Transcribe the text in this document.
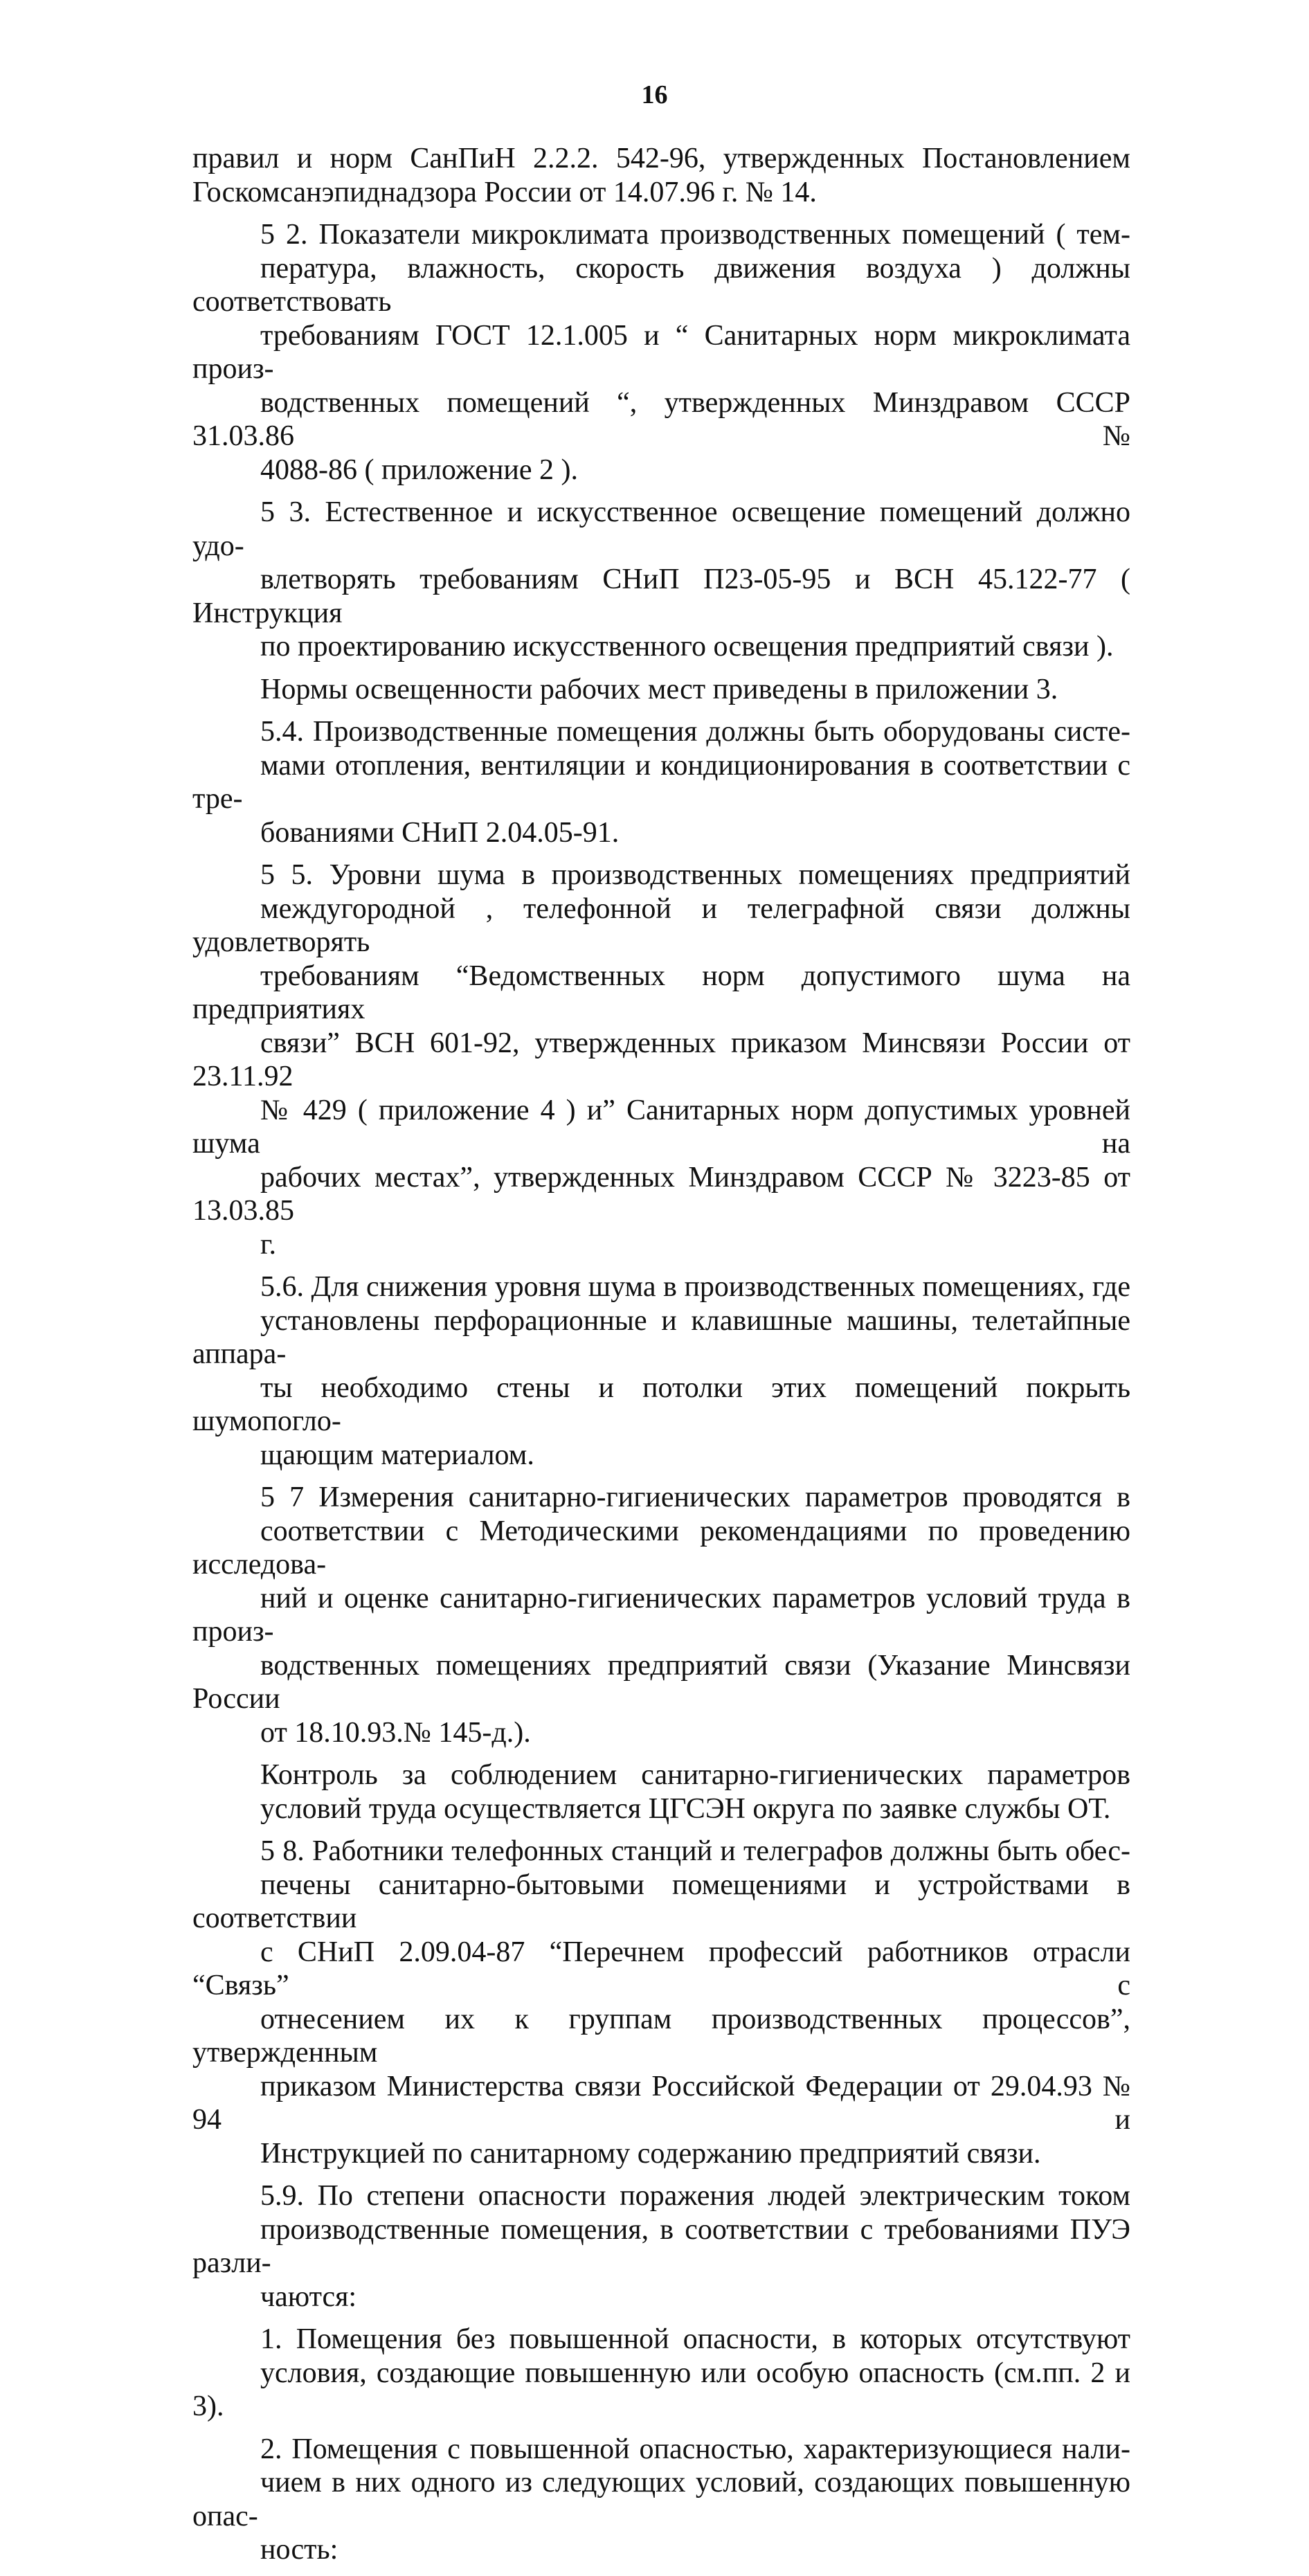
16

правил и норм СанПиН 2.2.2. 542-96, утвержденных Постановлением
Госкомсанэпиднадзора России от 14.07.96 г. № 14.

5 2. Показатели микроклимата производственных помещений ( тем-
пература, влажность, скорость движения воздуха ) должны соответствовать
требованиям ГОСТ 12.1.005 и “ Санитарных норм микроклимата произ-
водственных помещений “, утвержденных Минздравом СССР 31.03.86 №
4088-86 ( приложение 2 ).

5 3. Естественное и искусственное освещение помещений должно удо-
влетворять требованиям СНиП П23-05-95 и ВСН 45.122-77 ( Инструкция
по проектированию искусственного освещения предприятий связи ).

Нормы освещенности рабочих мест приведены в приложении 3.

5.4. Производственные помещения должны быть оборудованы систе-
мами отопления, вентиляции и кондиционирования в соответствии с тре-
бованиями СНиП 2.04.05-91.

5 5. Уровни шума в производственных помещениях предприятий
междугородной , телефонной и телеграфной связи должны удовлетворять
требованиям “Ведомственных норм допустимого шума на предприятиях
связи” ВСН 601-92, утвержденных приказом Минсвязи России от 23.11.92
№ 429 ( приложение 4 ) и” Санитарных норм допустимых уровней шума на
рабочих местах”, утвержденных Минздравом СССР № 3223-85 от 13.03.85
г.

5.6. Для снижения уровня шума в производственных помещениях, где
установлены перфорационные и клавишные машины, телетайпные аппара-
ты необходимо стены и потолки этих помещений покрыть шумопогло-
щающим материалом.

5 7 Измерения санитарно-гигиенических параметров проводятся в
соответствии с Методическими рекомендациями по проведению исследова-
ний и оценке санитарно-гигиенических параметров условий труда в произ-
водственных помещениях предприятий связи (Указание Минсвязи России
от 18.10.93.№ 145-д.).

Контроль за соблюдением санитарно-гигиенических параметров
условий труда осуществляется ЦГСЭН округа по заявке службы ОТ.

5 8. Работники телефонных станций и телеграфов должны быть обес-
печены санитарно-бытовыми помещениями и устройствами в соответствии
с СНиП 2.09.04-87 “Перечнем профессий работников отрасли “Связь” с
отнесением их к группам производственных процессов”, утвержденным
приказом Министерства связи Российской Федерации от 29.04.93 № 94 и
Инструкцией по санитарному содержанию предприятий связи.

5.9. По степени опасности поражения людей электрическим током
производственные помещения, в соответствии с требованиями ПУЭ разли-
чаются:

1. Помещения без повышенной опасности, в которых отсутствуют
условия, создающие повышенную или особую опасность (см.пп. 2 и 3).

2. Помещения с повышенной опасностью, характеризующиеся нали-
чием в них одного из следующих условий, создающих повышенную опас-
ность:
